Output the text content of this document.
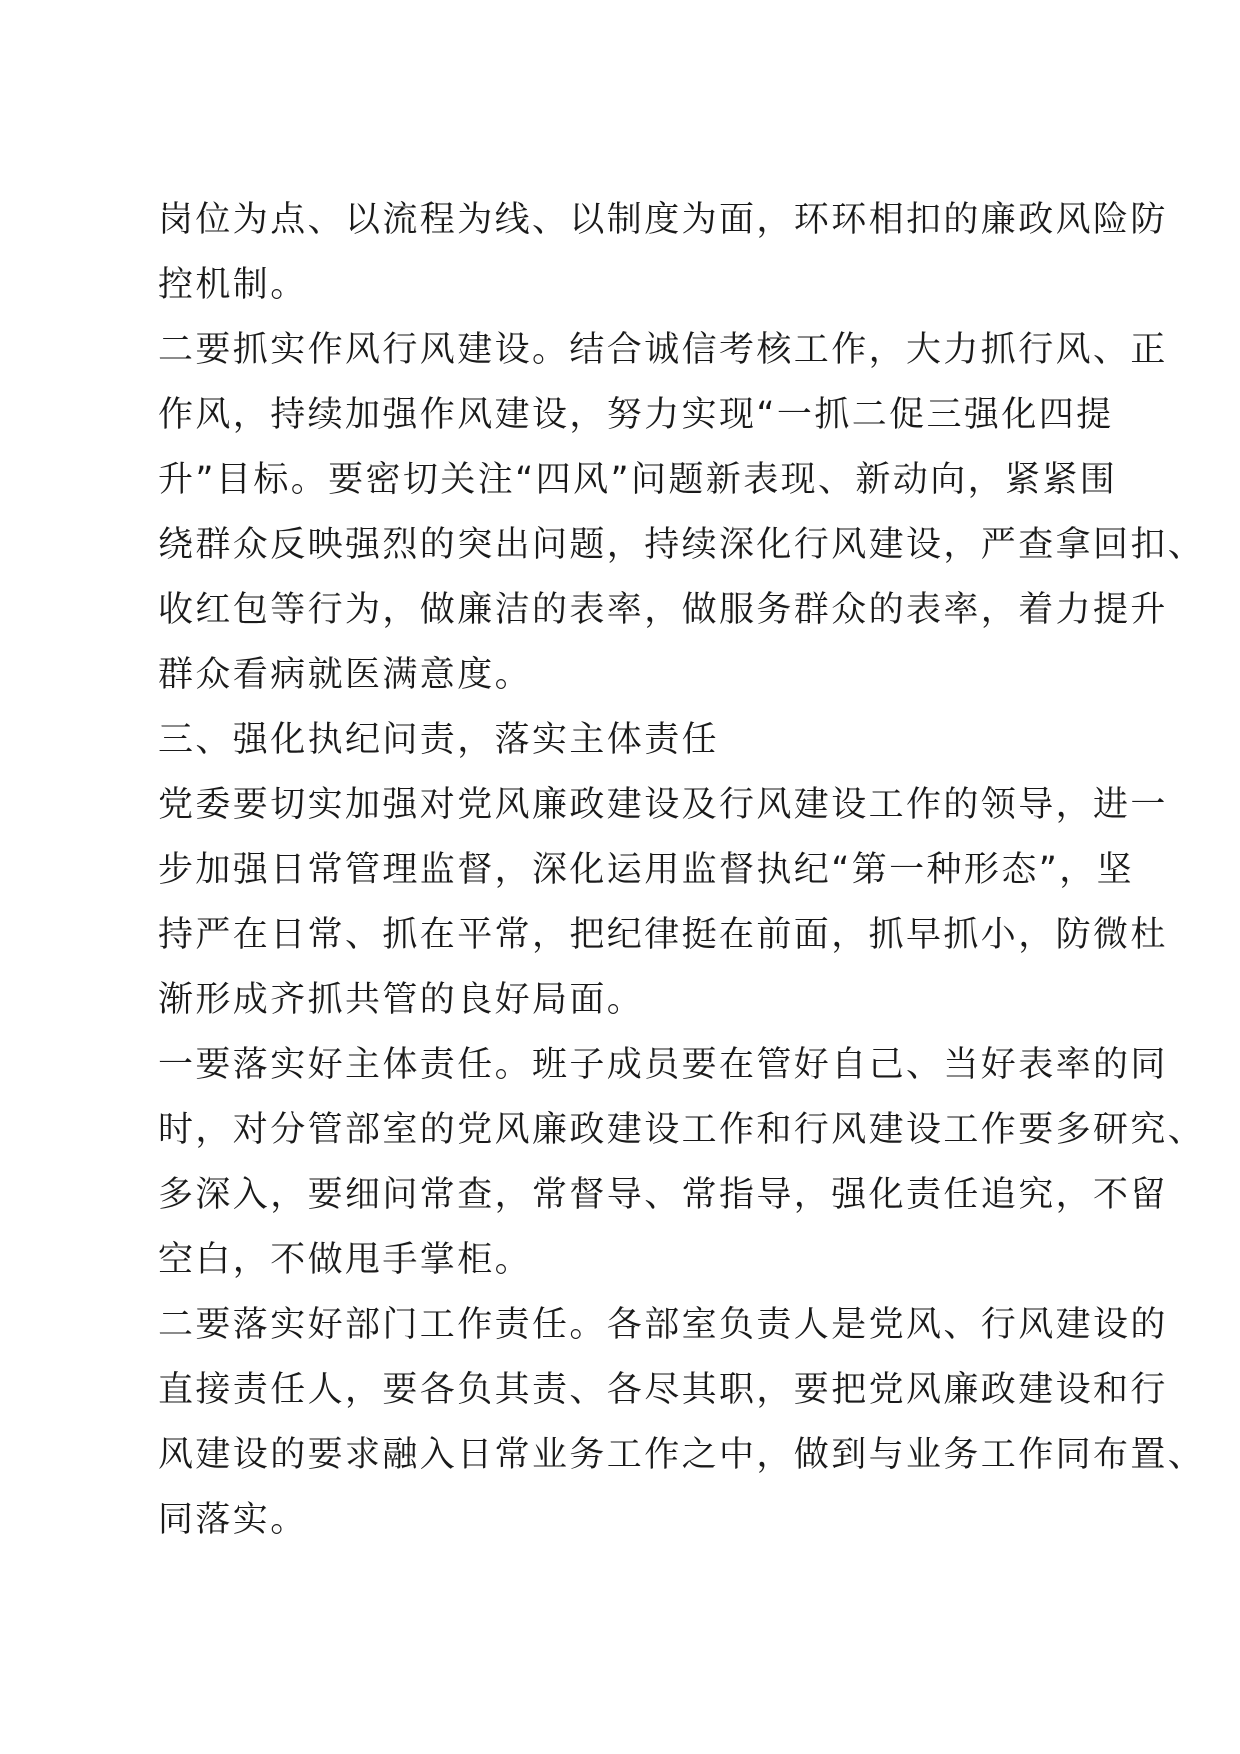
岗位为点、以流程为线、以制度为面，环环相扣的廉政风险防
控机制。
二要抓实作风行风建设。结合诚信考核工作，大力抓行风、正
作风，持续加强作风建设，努力实现“一抓二促三强化四提
升”目标。要密切关注“四风”问题新表现、新动向，紧紧围
绕群众反映强烈的突出问题，持续深化行风建设，严查拿回扣、
收红包等行为，做廉洁的表率，做服务群众的表率，着力提升
群众看病就医满意度。
三、强化执纪问责，落实主体责任
党委要切实加强对党风廉政建设及行风建设工作的领导，进一
步加强日常管理监督，深化运用监督执纪“第一种形态”，坚
持严在日常、抓在平常，把纪律挺在前面，抓早抓小，防微杜
渐形成齐抓共管的良好局面。
一要落实好主体责任。班子成员要在管好自己、当好表率的同
时，对分管部室的党风廉政建设工作和行风建设工作要多研究、
多深入，要细问常查，常督导、常指导，强化责任追究，不留
空白，不做甩手掌柜。
二要落实好部门工作责任。各部室负责人是党风、行风建设的
直接责任人，要各负其责、各尽其职，要把党风廉政建设和行
风建设的要求融入日常业务工作之中，做到与业务工作同布置、
同落实。
